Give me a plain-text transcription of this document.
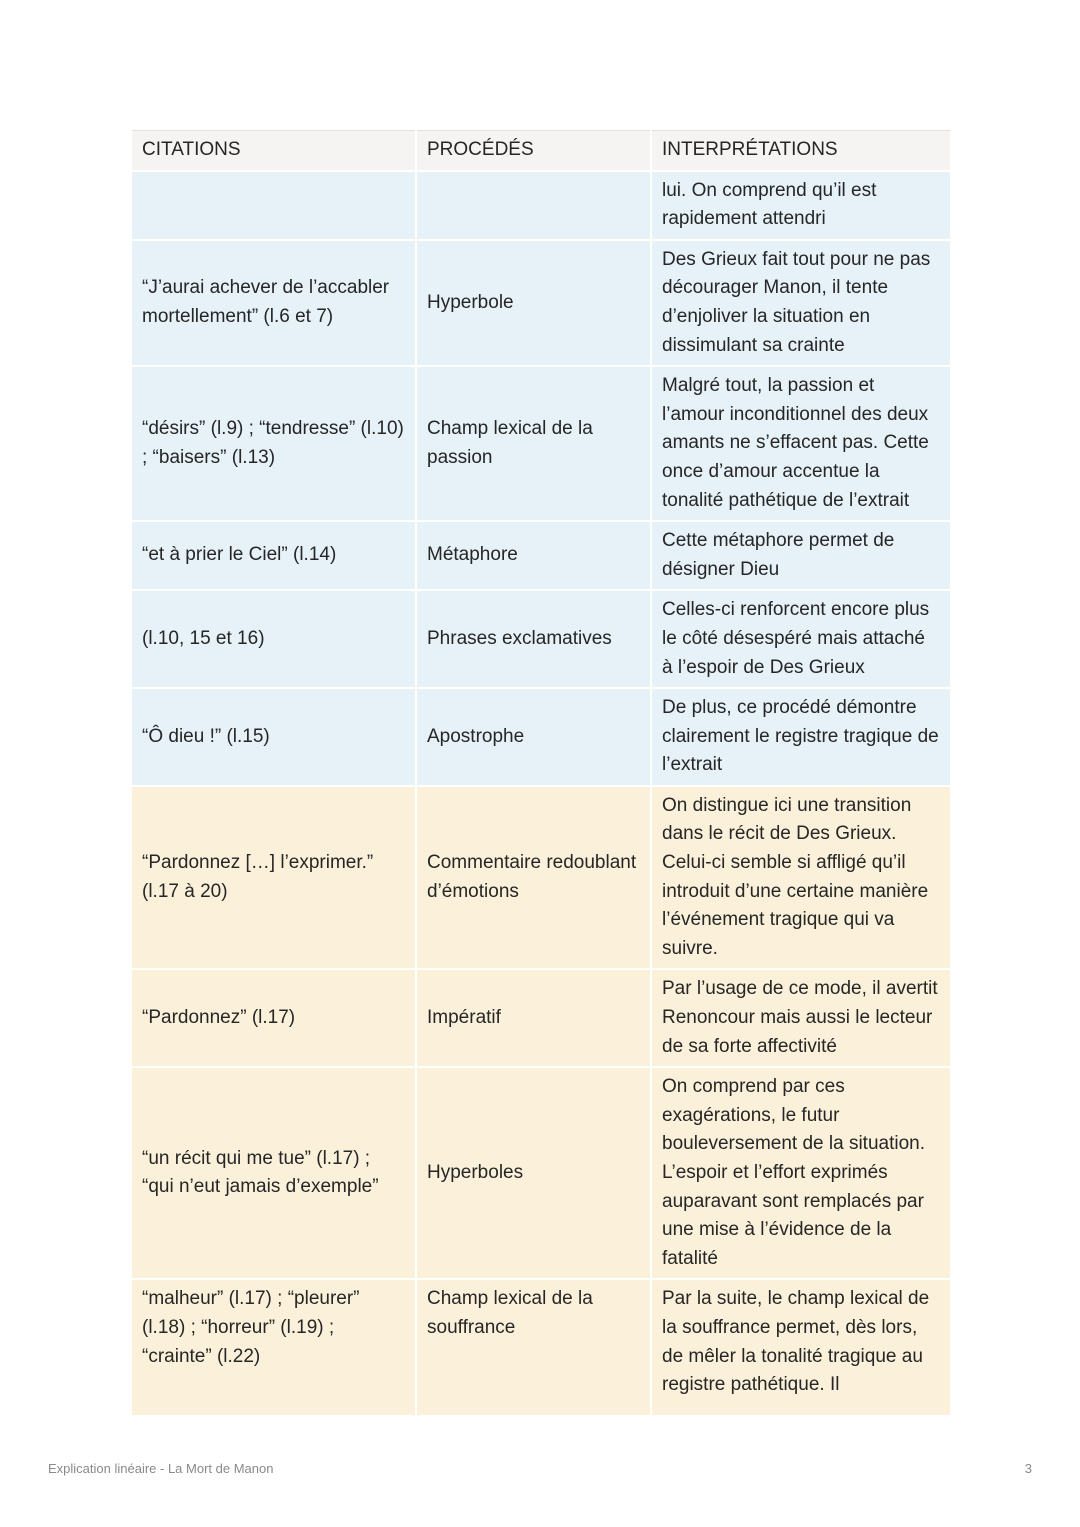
CITATIONS	PROCÉDÉS	INTERPRÉTATIONS
		lui. On comprend qu’il est rapidement attendri
“J’aurai achever de l’accabler mortellement” (l.6 et 7)	Hyperbole	Des Grieux fait tout pour ne pas décourager Manon, il tente d’enjoliver la situation en dissimulant sa crainte
“désirs” (l.9) ; “tendresse” (l.10) ; “baisers” (l.13)	Champ lexical de la passion	Malgré tout, la passion et l’amour inconditionnel des deux amants ne s’effacent pas. Cette once d’amour accentue la tonalité pathétique de l’extrait
“et à prier le Ciel” (l.14)	Métaphore	Cette métaphore permet de désigner Dieu
(l.10, 15 et 16)	Phrases exclamatives	Celles-ci renforcent encore plus le côté désespéré mais attaché à l’espoir de Des Grieux
“Ô dieu !” (l.15)	Apostrophe	De plus, ce procédé démontre clairement le registre tragique de l’extrait
“Pardonnez […] l’exprimer.” (l.17 à 20)	Commentaire redoublant d’émotions	On distingue ici une transition dans le récit de Des Grieux. Celui-ci semble si affligé qu’il introduit d’une certaine manière l’événement tragique qui va suivre.
“Pardonnez” (l.17)	Impératif	Par l’usage de ce mode, il avertit Renoncour mais aussi le lecteur de sa forte affectivité
“un récit qui me tue” (l.17) ; “qui n’eut jamais d’exemple”	Hyperboles	On comprend par ces exagérations, le futur bouleversement de la situation. L’espoir et l’effort exprimés auparavant sont remplacés par une mise à l’évidence de la fatalité
“malheur” (l.17) ; “pleurer” (l.18) ; “horreur” (l.19) ; “crainte” (l.22)	Champ lexical de la souffrance	Par la suite, le champ lexical de la souffrance permet, dès lors, de mêler la tonalité tragique au registre pathétique. Il
Explication linéaire - La Mort de Manon	3
